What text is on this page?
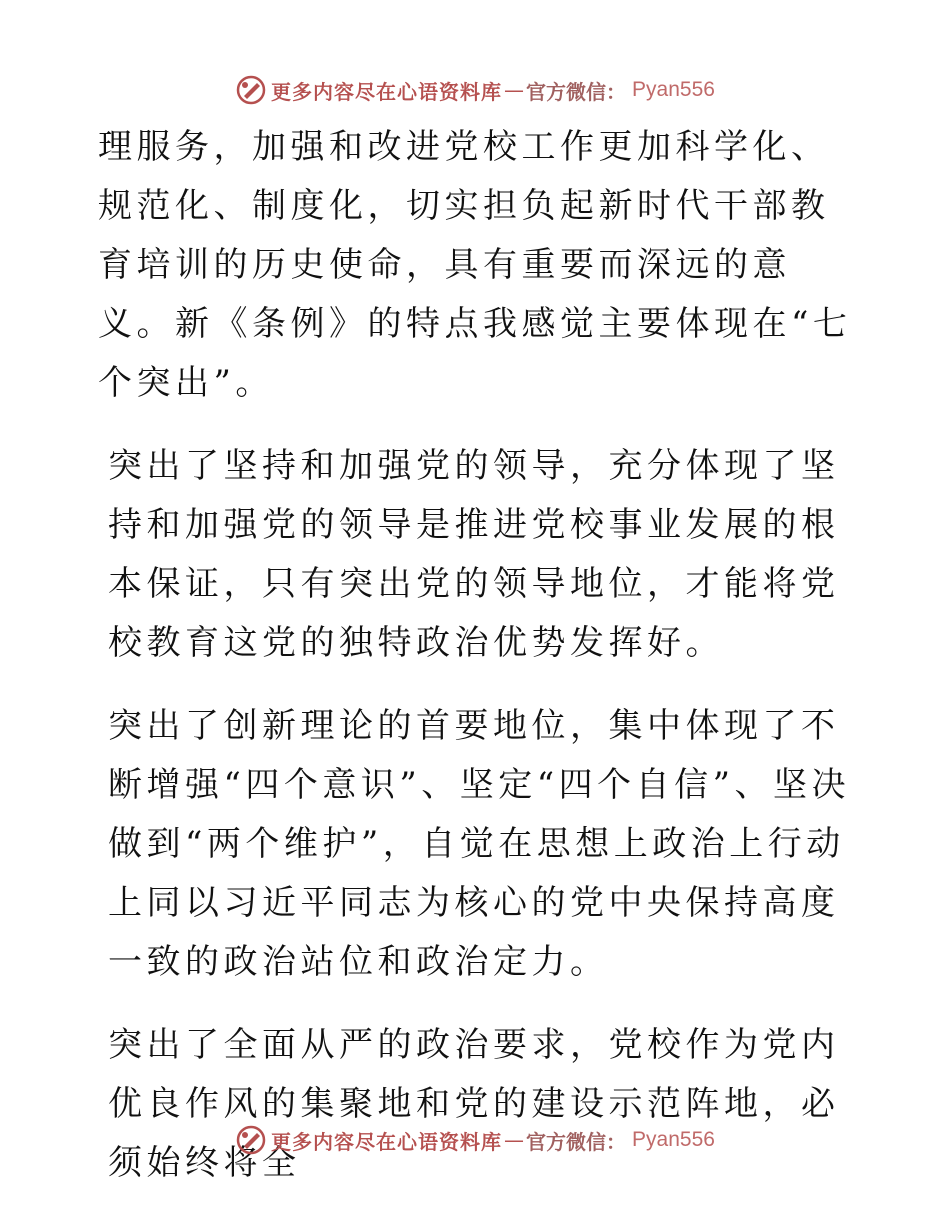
更多内容尽在心语资料库 — 官方微信： Pyan556

理服务，加强和改进党校工作更加科学化、规范化、制度化，切实担负起新时代干部教育培训的历史使命，具有重要而深远的意义。新《条例》的特点我感觉主要体现在“七个突出”。

突出了坚持和加强党的领导，充分体现了坚持和加强党的领导是推进党校事业发展的根本保证，只有突出党的领导地位，才能将党校教育这党的独特政治优势发挥好。

突出了创新理论的首要地位，集中体现了不断增强“四个意识”、坚定“四个自信”、坚决做到“两个维护”，自觉在思想上政治上行动上同以习近平同志为核心的党中央保持高度一致的政治站位和政治定力。

突出了全面从严的政治要求，党校作为党内优良作风的集聚地和党的建设示范阵地，必须始终将全

更多内容尽在心语资料库 — 官方微信： Pyan556
